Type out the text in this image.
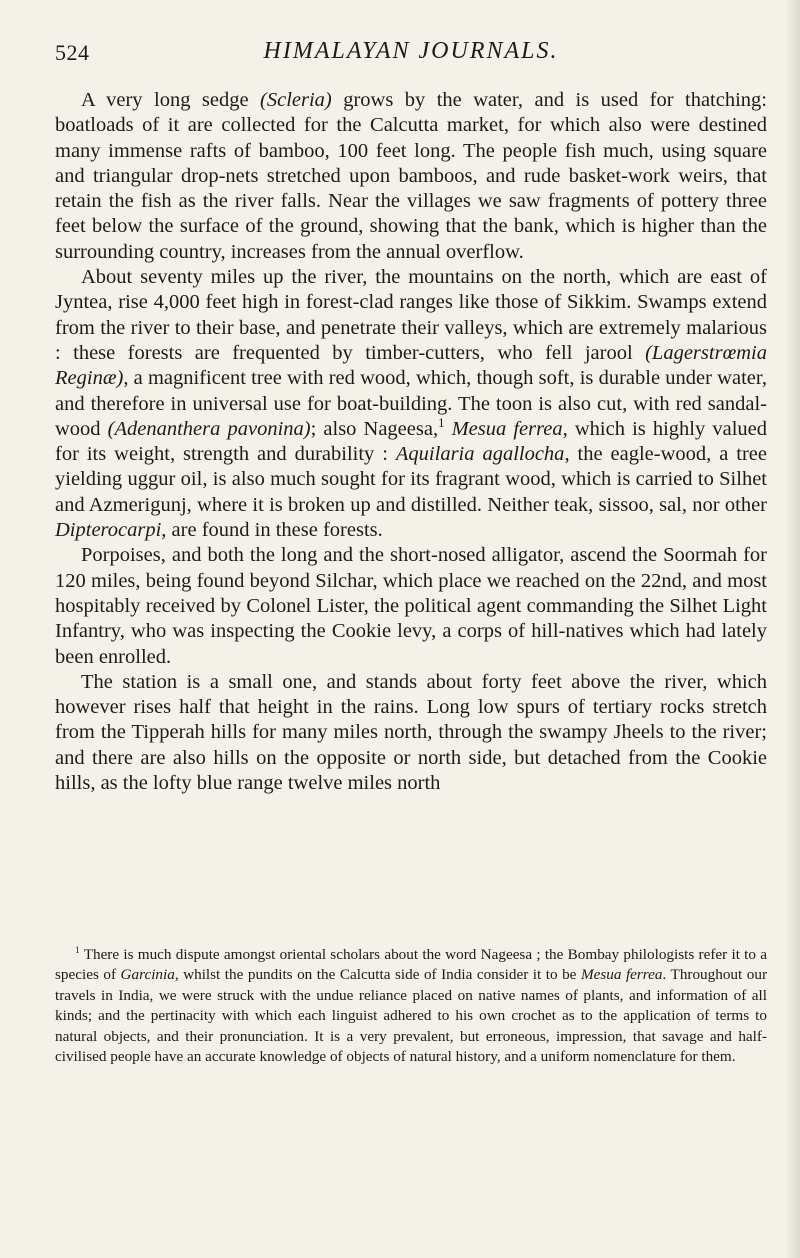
524	HIMALAYAN JOURNALS.

A very long sedge (Scleria) grows by the water, and is used for thatching: boatloads of it are collected for the Calcutta market, for which also were destined many immense rafts of bamboo, 100 feet long. The people fish much, using square and triangular drop-nets stretched upon bamboos, and rude basket-work weirs, that retain the fish as the river falls. Near the villages we saw fragments of pottery three feet below the surface of the ground, showing that the bank, which is higher than the surrounding country, increases from the annual overflow.

About seventy miles up the river, the mountains on the north, which are east of Jyntea, rise 4,000 feet high in forest-clad ranges like those of Sikkim. Swamps extend from the river to their base, and penetrate their valleys, which are extremely malarious : these forests are frequented by timber-cutters, who fell jarool (Lagerstrœmia Reginæ), a magnificent tree with red wood, which, though soft, is durable under water, and therefore in universal use for boat-building. The toon is also cut, with red sandal-wood (Adenanthera pavonina); also Nageesa,$^1$ Mesua ferrea, which is highly valued for its weight, strength and durability : Aquilaria agallocha, the eagle-wood, a tree yielding uggur oil, is also much sought for its fragrant wood, which is carried to Silhet and Azmerigunj, where it is broken up and distilled. Neither teak, sissoo, sal, nor other Dipterocarpi, are found in these forests.

Porpoises, and both the long and the short-nosed alligator, ascend the Soormah for 120 miles, being found beyond Silchar, which place we reached on the 22nd, and most hospitably received by Colonel Lister, the political agent commanding the Silhet Light Infantry, who was inspecting the Cookie levy, a corps of hill-natives which had lately been enrolled.

The station is a small one, and stands about forty feet above the river, which however rises half that height in the rains. Long low spurs of tertiary rocks stretch from the Tipperah hills for many miles north, through the swampy Jheels to the river; and there are also hills on the opposite or north side, but detached from the Cookie hills, as the lofty blue range twelve miles north

$^1$ There is much dispute amongst oriental scholars about the word Nageesa ; the Bombay philologists refer it to a species of Garcinia, whilst the pundits on the Calcutta side of India consider it to be Mesua ferrea. Throughout our travels in India, we were struck with the undue reliance placed on native names of plants, and information of all kinds; and the pertinacity with which each linguist adhered to his own crochet as to the application of terms to natural objects, and their pronunciation. It is a very prevalent, but erroneous, impression, that savage and half-civilised people have an accurate knowledge of objects of natural history, and a uniform nomenclature for them.
